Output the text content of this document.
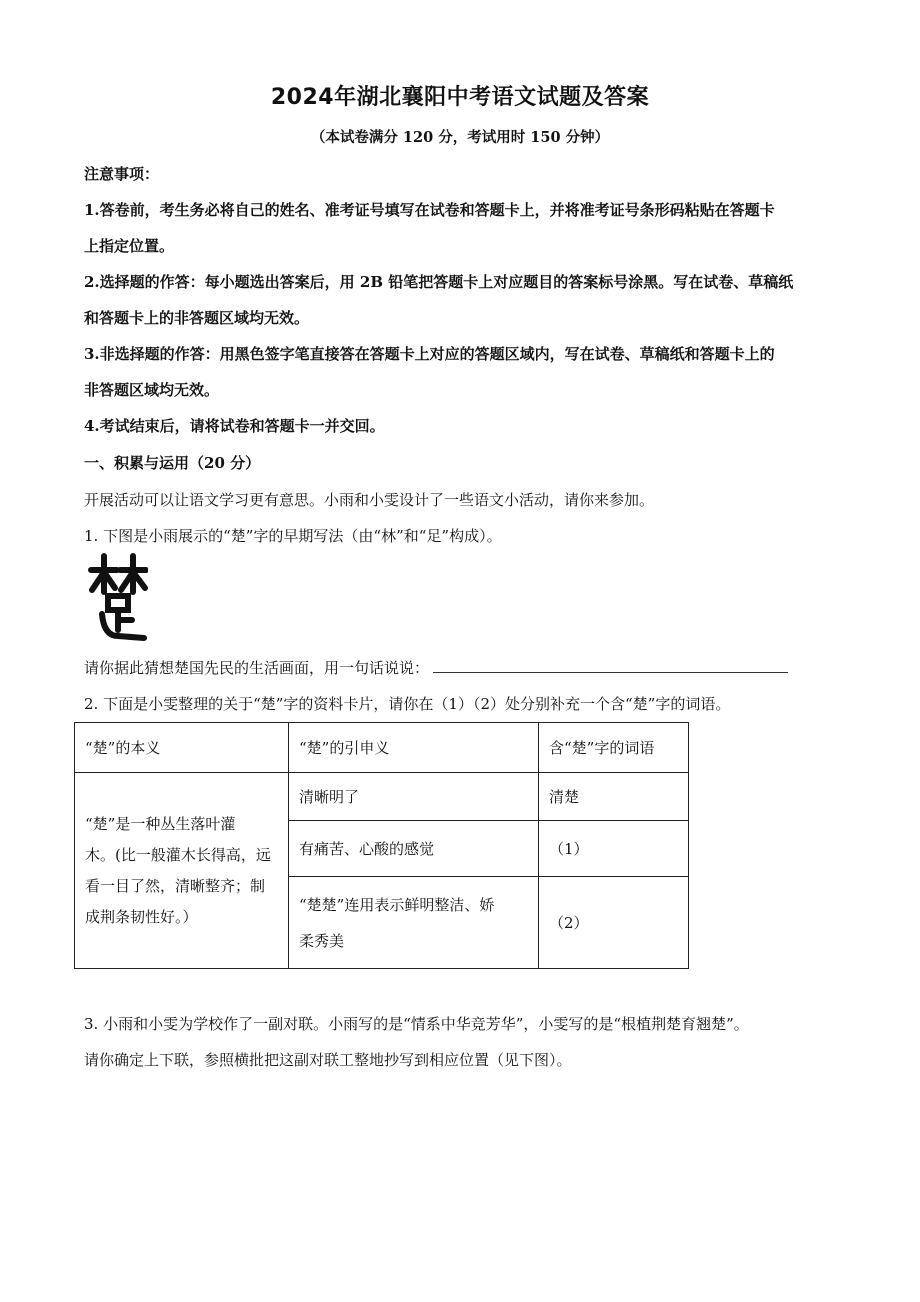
2024年湖北襄阳中考语文试题及答案
（本试卷满分 120 分，考试用时 150 分钟）
注意事项：
1.答卷前，考生务必将自己的姓名、准考证号填写在试卷和答题卡上，并将准考证号条形码粘贴在答题卡
上指定位置。
2.选择题的作答：每小题选出答案后，用 2B 铅笔把答题卡上对应题目的答案标号涂黑。写在试卷、草稿纸
和答题卡上的非答题区域均无效。
3.非选择题的作答：用黑色签字笔直接答在答题卡上对应的答题区域内，写在试卷、草稿纸和答题卡上的
非答题区域均无效。
4.考试结束后，请将试卷和答题卡一并交回。
一、积累与运用（20 分）
开展活动可以让语文学习更有意思。小雨和小雯设计了一些语文小活动，请你来参加。
1. 下图是小雨展示的“楚”字的早期写法（由“林”和“足”构成）。
请你据此猜想楚国先民的生活画面，用一句话说说：
2. 下面是小雯整理的关于“楚”字的资料卡片，请你在（1）（2）处分别补充一个含“楚”字的词语。
“楚”的本义	“楚”的引申义	含“楚”字的词语

“楚”是一种丛生落叶灌
木。(比一般灌木长得高，远
看一目了然，清晰整齐；制
成荆条韧性好。）	清晰明了	清楚
	有痛苦、心酸的感觉	（1）

	“楚楚”连用表示鲜明整洁、娇
柔秀美	（2）
3. 小雨和小雯为学校作了一副对联。小雨写的是“情系中华竞芳华”，小雯写的是“根植荆楚育翘楚”。
请你确定上下联，参照横批把这副对联工整地抄写到相应位置（见下图）。
